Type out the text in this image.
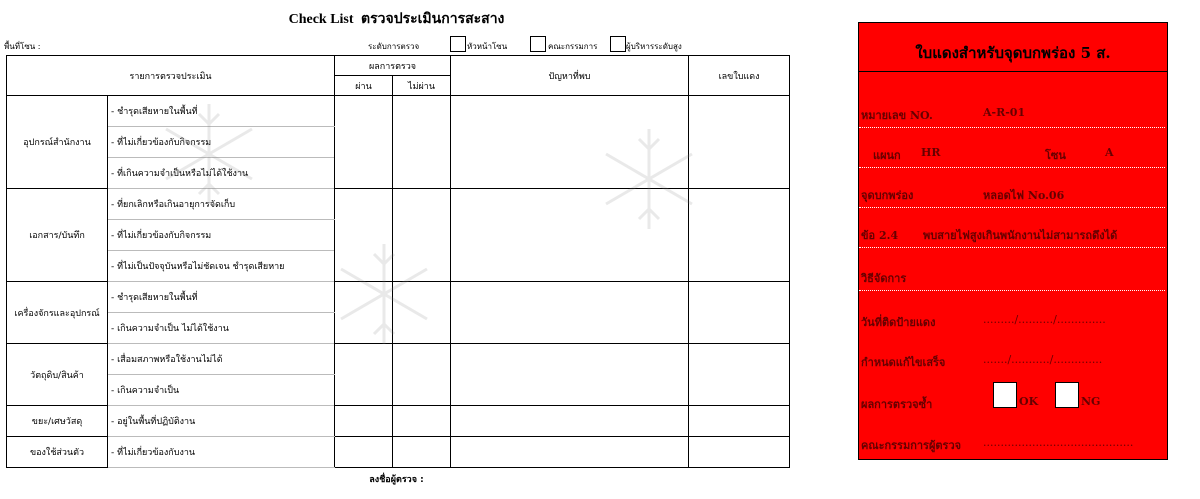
Check List ตรวจประเมินการสะสาง
พื้นที่โซน :	ระดับการตรวจ	หัวหน้าโซน	คณะกรรมการ	ผู้บริหารระดับสูง
รายการตรวจประเมิน		ผลการตรวจ		ปัญหาที่พบ	เลขใบแดง
		ผ่าน	ไม่ผ่าน		
อุปกรณ์สำนักงาน	- ชำรุดเสียหายในพื้นที่				
	- ที่ไม่เกี่ยวข้องกับกิจกรรม				
	- ที่เกินความจำเป็นหรือไม่ได้ใช้งาน				
เอกสาร/บันทึก	- ที่ยกเลิกหรือเกินอายุการจัดเก็บ				
	- ที่ไม่เกี่ยวข้องกับกิจกรรม				
	- ที่ไม่เป็นปัจจุบันหรือไม่ชัดเจน ชำรุดเสียหาย				
เครื่องจักรและอุปกรณ์	- ชำรุดเสียหายในพื้นที่				
	- เกินความจำเป็น ไม่ได้ใช้งาน				
วัตถุดิบ/สินค้า	- เสื่อมสภาพหรือใช้งานไม่ได้				
	- เกินความจำเป็น				
ขยะ/เศษวัสดุ	- อยู่ในพื้นที่ปฏิบัติงาน				
ของใช้ส่วนตัว	- ที่ไม่เกี่ยวข้องกับงาน				
ลงชื่อผู้ตรวจ :
ใบแดงสำหรับจุดบกพร่อง 5 ส.
หมายเลข NO.	A-R-01
แผนก HR	โซน	A
จุดบกพร่อง	หลอดไฟ No.06
ข้อ 2.4 พบสายไฟสูงเกินพนักงานไม่สามารถดึงได้
วิธีจัดการ
วันที่ติดป้ายแดง	........./........../..............
กำหนดแก้ไขเสร็จ	......./.........../..............
ผลการตรวจซ้ำ	OK	NG
คณะกรรมการผู้ตรวจ ...........................................
